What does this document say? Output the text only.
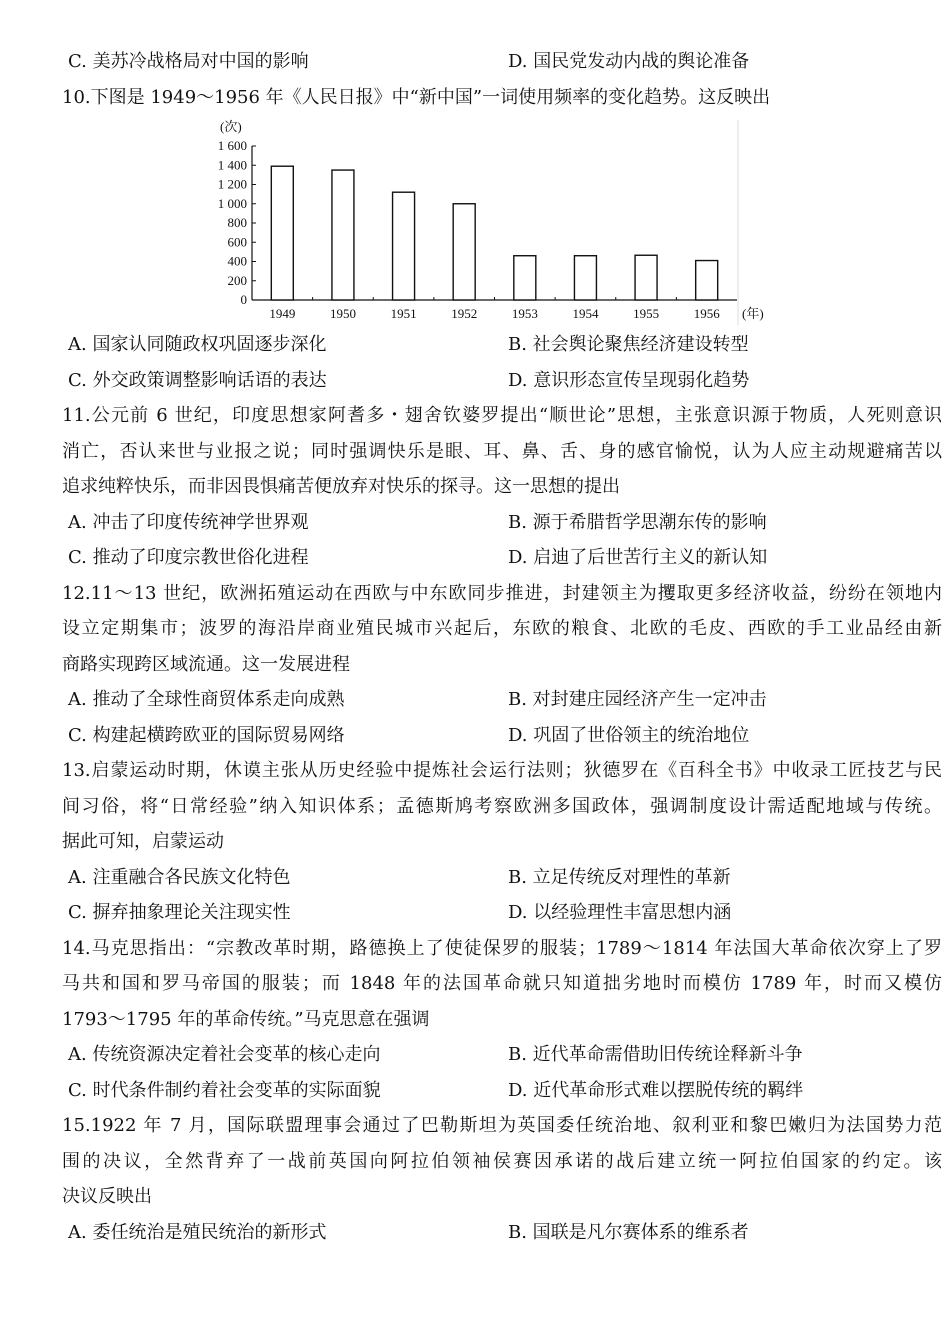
C. 美苏冷战格局对中国的影响	D. 国民党发动内战的舆论准备
10.下图是 1949～1956 年《人民日报》中“新中国”一词使用频率的变化趋势。这反映出
(次)
(年)
0
200
400
600
800
1 000
1 200
1 400
1 600
1949	1950	1951	1952	1953	1954	1955	1956
A. 国家认同随政权巩固逐步深化	B. 社会舆论聚焦经济建设转型
C. 外交政策调整影响话语的表达	D. 意识形态宣传呈现弱化趋势
11.公元前 6 世纪，印度思想家阿耆多・翅舍钦婆罗提出“顺世论”思想，主张意识源于物质，人死则意识
消亡，否认来世与业报之说；同时强调快乐是眼、耳、鼻、舌、身的感官愉悦，认为人应主动规避痛苦以
追求纯粹快乐，而非因畏惧痛苦便放弃对快乐的探寻。这一思想的提出
A. 冲击了印度传统神学世界观	B. 源于希腊哲学思潮东传的影响
C. 推动了印度宗教世俗化进程	D. 启迪了后世苦行主义的新认知
12.11～13 世纪，欧洲拓殖运动在西欧与中东欧同步推进，封建领主为攫取更多经济收益，纷纷在领地内
设立定期集市；波罗的海沿岸商业殖民城市兴起后，东欧的粮食、北欧的毛皮、西欧的手工业品经由新
商路实现跨区域流通。这一发展进程
A. 推动了全球性商贸体系走向成熟	B. 对封建庄园经济产生一定冲击
C. 构建起横跨欧亚的国际贸易网络	D. 巩固了世俗领主的统治地位
13.启蒙运动时期，休谟主张从历史经验中提炼社会运行法则；狄德罗在《百科全书》中收录工匠技艺与民
间习俗，将“日常经验”纳入知识体系；孟德斯鸠考察欧洲多国政体，强调制度设计需适配地域与传统。
据此可知，启蒙运动
A. 注重融合各民族文化特色	B. 立足传统反对理性的革新
C. 摒弃抽象理论关注现实性	D. 以经验理性丰富思想内涵
14.马克思指出：“宗教改革时期，路德换上了使徒保罗的服装；1789～1814 年法国大革命依次穿上了罗
马共和国和罗马帝国的服装；而 1848 年的法国革命就只知道拙劣地时而模仿 1789 年，时而又模仿
1793～1795 年的革命传统。”马克思意在强调
A. 传统资源决定着社会变革的核心走向	B. 近代革命需借助旧传统诠释新斗争
C. 时代条件制约着社会变革的实际面貌	D. 近代革命形式难以摆脱传统的羁绊
15.1922 年 7 月，国际联盟理事会通过了巴勒斯坦为英国委任统治地、叙利亚和黎巴嫩归为法国势力范
围的决议，全然背弃了一战前英国向阿拉伯领袖侯赛因承诺的战后建立统一阿拉伯国家的约定。该
决议反映出
A. 委任统治是殖民统治的新形式	B. 国联是凡尔赛体系的维系者
